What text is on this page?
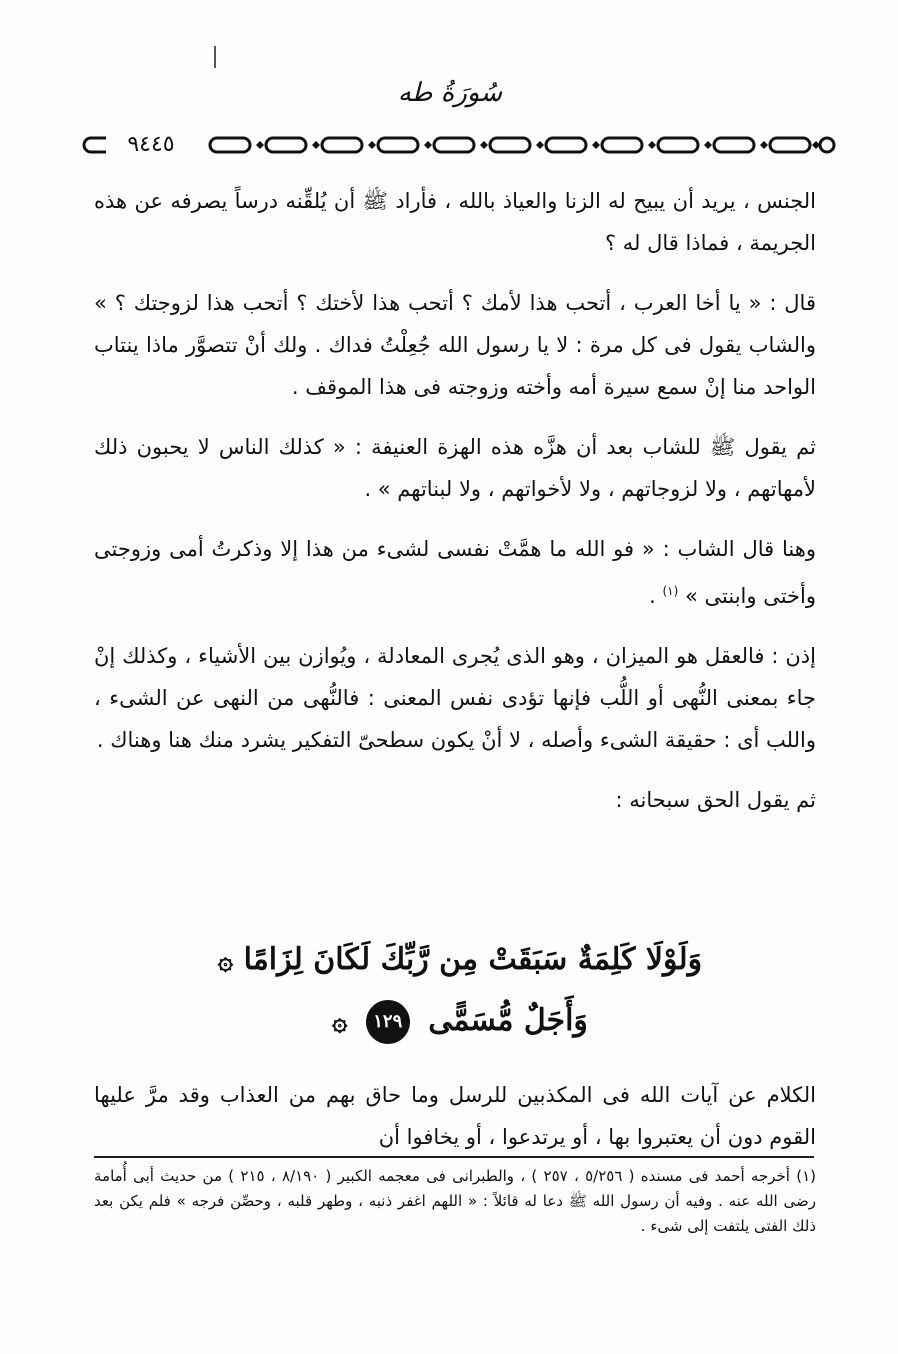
سُورَةُ طه
٩٤٤٥

الجنس ، يريد أن يبيح له الزنا والعياذ بالله ، فأراد ﷺ أن يُلقِّنه درساً يصرفه عن هذه الجريمة ، فماذا قال له ؟

قال : « يا أخا العرب ، أتحب هذا لأمك ؟ أتحب هذا لأختك ؟ أتحب هذا لزوجتك ؟ » والشاب يقول فى كل مرة : لا يا رسول الله جُعِلْتُ فداك . ولك أنْ تتصوَّر ماذا ينتاب الواحد منا إنْ سمع سيرة أمه وأخته وزوجته فى هذا الموقف .

ثم يقول ﷺ للشاب بعد أن هزَّه هذه الهزة العنيفة : « كذلك الناس لا يحبون ذلك لأمهاتهم ، ولا لزوجاتهم ، ولا لأخواتهم ، ولا لبناتهم » .

وهنا قال الشاب : « فو الله ما همَّتْ نفسى لشىء من هذا إلا وذكرتُ أمى وزوجتى وأختى وابنتى » $^{(١)}$ .

إذن : فالعقل هو الميزان ، وهو الذى يُجرى المعادلة ، ويُوازن بين الأشياء ، وكذلك إنْ جاء بمعنى النُّهى أو اللُّب فإنها تؤدى نفس المعنى : فالنُّهى من النهى عن الشىء ، واللب أى : حقيقة الشىء وأصله ، لا أنْ يكون سطحىّ التفكير يشرد منك هنا وهناك .

ثم يقول الحق سبحانه :

وَلَوْلَا كَلِمَةٌ سَبَقَتْ مِن رَّبِّكَ لَكَانَ لِزَامًا ۞
وَأَجَلٌ مُّسَمًّى ١٢٩ ۞

الكلام عن آيات الله فى المكذبين للرسل وما حاق بهم من العذاب وقد مرَّ عليها القوم دون أن يعتبروا بها ، أو يرتدعوا ، أو يخافوا أن

(١) أخرجه أحمد فى مسنده ( ٥/٢٥٦ ، ٢٥٧ ) ، والطبرانى فى معجمه الكبير ( ٨/١٩٠ ، ٢١٥ ) من حديث أبى أُمامة رضى الله عنه . وفيه أن رسول الله ﷺ دعا له قائلاً : « اللهم اغفر ذنبه ، وطهر قلبه ، وحصِّن فرجه » فلم يكن بعد ذلك الفتى يلتفت إلى شىء .
